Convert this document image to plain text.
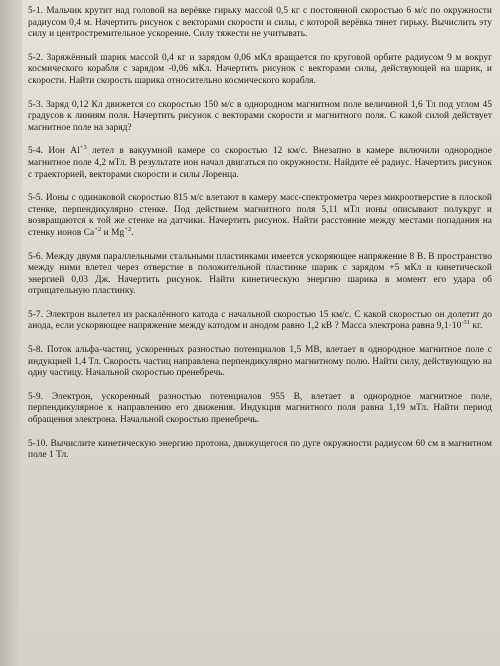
5-1. Мальчик крутит над головой на верёвке гирьку массой 0,5 кг с постоянной скоростью 6 м/с по окружности радиусом 0,4 м. Начертить рисунок с векторами скорости и силы, с которой верёвка тянет гирьку. Вычислить эту силу и центростремительное ускорение. Силу тяжести не учитывать.

5-2. Заряжённый шарик массой 0,4 кг и зарядом 0,06 мКл вращается по круговой орбите радиусом 9 м вокруг космического корабля с зарядом -0,06 мКл. Начертить рисунок с векторами силы, действующей на шарик, и скорости. Найти скорость шарика относительно космического корабля.

5-3. Заряд 0,12 Кл движется со скоростью 150 м/с в однородном магнитном поле величиной 1,6 Тл под углом 45 градусов к линиям поля. Начертить рисунок с векторами скорости и магнитного поля. С какой силой действует магнитное поле на заряд?

5-4. Ион $Al^{+3}$ летел в вакуумной камере со скоростью 12 км/с. Внезапно в камере включили однородное магнитное поле 4,2 мТл. В результате ион начал двигаться по окружности. Найдите её радиус. Начертить рисунок с траекторией, векторами скорости и силы Лоренца.

5-5. Ионы с одинаковой скоростью 815 м/с влетают в камеру масс-спектрометра через микроотверстие в плоской стенке, перпендикулярно стенке. Под действием магнитного поля 5,11 мТл ионы описывают полукруг и возвращаются к той же стенке на датчики. Начертить рисунок. Найти расстояние между местами попадания на стенку ионов $Ca^{+2}$ и $Mg^{+2}$.

5-6. Между двумя параллельными стальными пластинками имеется ускоряющее напряжение 8 В. В пространство между ними влетел через отверстие в положительной пластинке шарик с зарядом +5 мКл и кинетической энергией 0,03 Дж. Начертить рисунок. Найти кинетическую энергию шарика в момент его удара об отрицательную пластинку.

5-7. Электрон вылетел из раскалённого катода с начальной скоростью 15 км/с. С какой скоростью он долетит до анода, если ускоряющее напряжение между катодом и анодом равно 1,2 кВ ? Масса электрона равна $9,1\cdot 10^{-31}$ кг.

5-8. Поток альфа-частиц, ускоренных разностью потенциалов 1,5 МВ, влетает в однородное магнитное поле с индукцией 1,4 Тл. Скорость частиц направлена перпендикулярно магнитному полю. Найти силу, действующую на одну частицу. Начальной скоростью пренебречь.

5-9. Электрон, ускоренный разностью потенциалов 955 В, влетает в однородное магнитное поле, перпендикулярное к направлению его движения. Индукция магнитного поля равна 1,19 мТл. Найти период обращения электрона. Начальной скоростью пренебречь.

5-10. Вычислите кинетическую энергию протона, движущегося по дуге окружности радиусом 60 см в магнитном поле 1 Тл.
